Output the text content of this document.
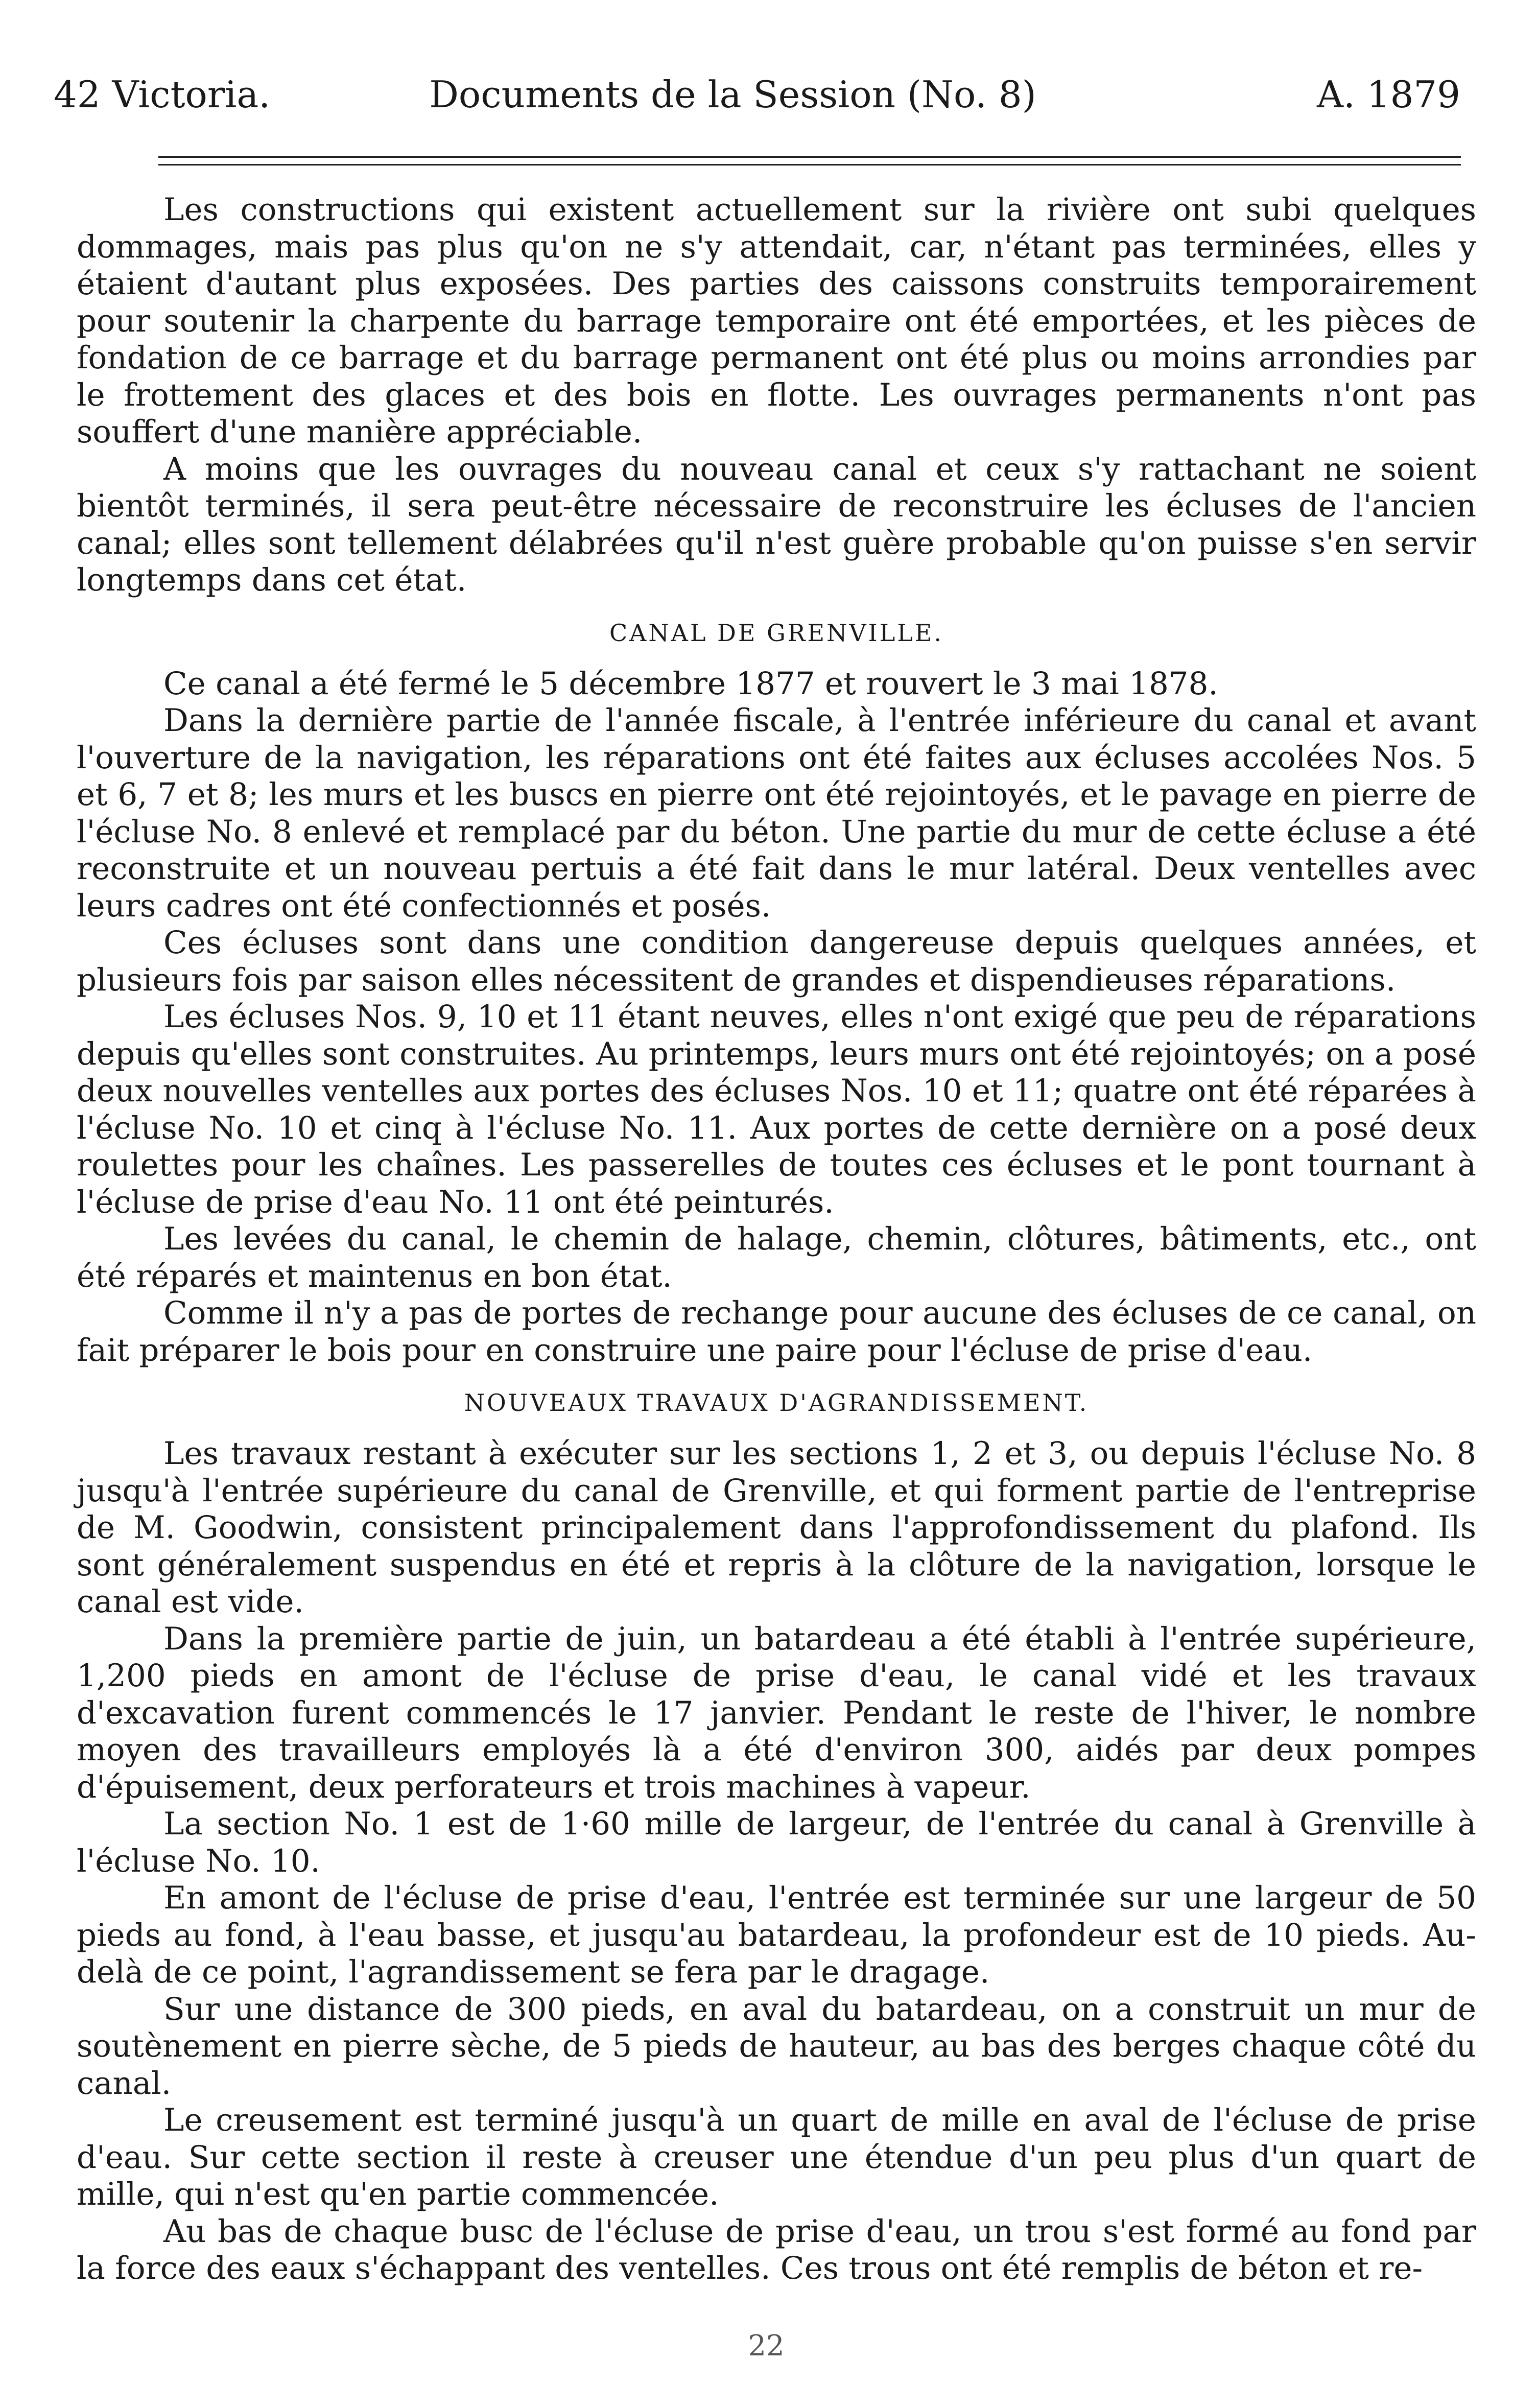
42 Victoria.	Documents de la Session (No. 8)	A. 1879

Les constructions qui existent actuellement sur la rivière ont subi quelques dommages, mais pas plus qu'on ne s'y attendait, car, n'étant pas terminées, elles y étaient d'autant plus exposées. Des parties des caissons construits temporairement pour soutenir la charpente du barrage temporaire ont été emportées, et les pièces de fondation de ce barrage et du barrage permanent ont été plus ou moins arrondies par le frottement des glaces et des bois en flotte. Les ouvrages permanents n'ont pas souffert d'une manière appréciable.

A moins que les ouvrages du nouveau canal et ceux s'y rattachant ne soient bientôt terminés, il sera peut-être nécessaire de reconstruire les écluses de l'ancien canal; elles sont tellement délabrées qu'il n'est guère probable qu'on puisse s'en servir longtemps dans cet état.

CANAL DE GRENVILLE.

Ce canal a été fermé le 5 décembre 1877 et rouvert le 3 mai 1878.

Dans la dernière partie de l'année fiscale, à l'entrée inférieure du canal et avant l'ouverture de la navigation, les réparations ont été faites aux écluses accolées Nos. 5 et 6, 7 et 8; les murs et les buscs en pierre ont été rejointoyés, et le pavage en pierre de l'écluse No. 8 enlevé et remplacé par du béton. Une partie du mur de cette écluse a été reconstruite et un nouveau pertuis a été fait dans le mur latéral. Deux ventelles avec leurs cadres ont été confectionnés et posés.

Ces écluses sont dans une condition dangereuse depuis quelques années, et plusieurs fois par saison elles nécessitent de grandes et dispendieuses réparations.

Les écluses Nos. 9, 10 et 11 étant neuves, elles n'ont exigé que peu de réparations depuis qu'elles sont construites. Au printemps, leurs murs ont été rejointoyés; on a posé deux nouvelles ventelles aux portes des écluses Nos. 10 et 11; quatre ont été réparées à l'écluse No. 10 et cinq à l'écluse No. 11. Aux portes de cette dernière on a posé deux roulettes pour les chaînes. Les passerelles de toutes ces écluses et le pont tournant à l'écluse de prise d'eau No. 11 ont été peinturés.

Les levées du canal, le chemin de halage, chemin, clôtures, bâtiments, etc., ont été réparés et maintenus en bon état.

Comme il n'y a pas de portes de rechange pour aucune des écluses de ce canal, on fait préparer le bois pour en construire une paire pour l'écluse de prise d'eau.

NOUVEAUX TRAVAUX D'AGRANDISSEMENT.

Les travaux restant à exécuter sur les sections 1, 2 et 3, ou depuis l'écluse No. 8 jusqu'à l'entrée supérieure du canal de Grenville, et qui forment partie de l'entreprise de M. Goodwin, consistent principalement dans l'approfondissement du plafond. Ils sont généralement suspendus en été et repris à la clôture de la navigation, lorsque le canal est vide.

Dans la première partie de juin, un batardeau a été établi à l'entrée supérieure, 1,200 pieds en amont de l'écluse de prise d'eau, le canal vidé et les travaux d'excavation furent commencés le 17 janvier. Pendant le reste de l'hiver, le nombre moyen des travailleurs employés là a été d'environ 300, aidés par deux pompes d'épuisement, deux perforateurs et trois machines à vapeur.

La section No. 1 est de 1·60 mille de largeur, de l'entrée du canal à Grenville à l'écluse No. 10.

En amont de l'écluse de prise d'eau, l'entrée est terminée sur une largeur de 50 pieds au fond, à l'eau basse, et jusqu'au batardeau, la profondeur est de 10 pieds. Au-delà de ce point, l'agrandissement se fera par le dragage.

Sur une distance de 300 pieds, en aval du batardeau, on a construit un mur de soutènement en pierre sèche, de 5 pieds de hauteur, au bas des berges chaque côté du canal.

Le creusement est terminé jusqu'à un quart de mille en aval de l'écluse de prise d'eau. Sur cette section il reste à creuser une étendue d'un peu plus d'un quart de mille, qui n'est qu'en partie commencée.

Au bas de chaque busc de l'écluse de prise d'eau, un trou s'est formé au fond par la force des eaux s'échappant des ventelles. Ces trous ont été remplis de béton et re-

22
